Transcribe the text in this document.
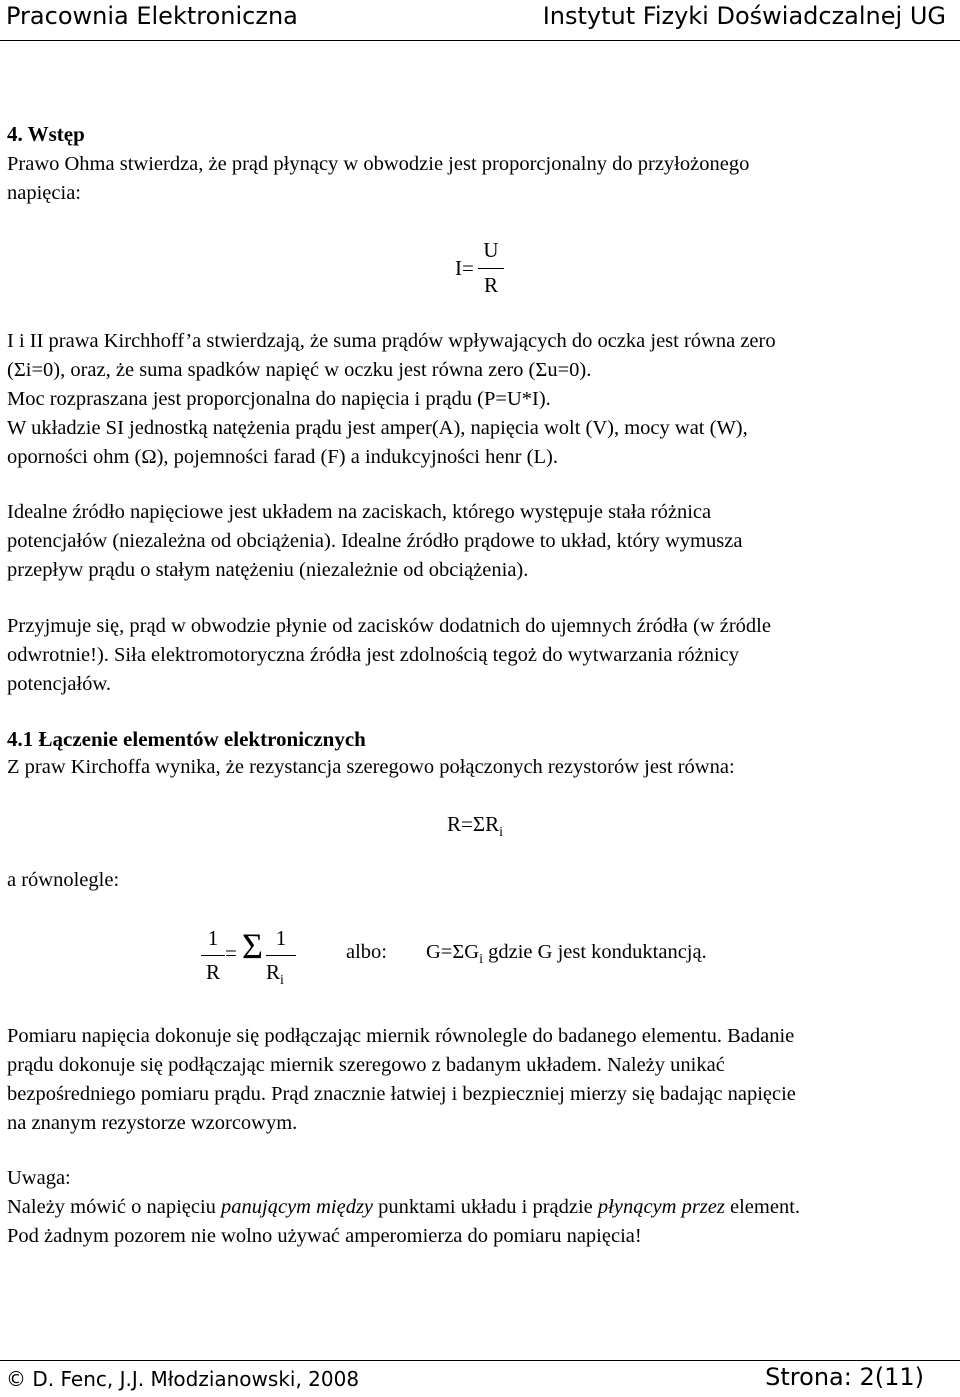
Pracownia Elektroniczna	Instytut Fizyki Doświadczalnej UG
4. Wstęp
Prawo Ohma stwierdza, że prąd płynący w obwodzie jest proporcjonalny do przyłożonego
napięcia:
I=
U
R
I i II prawa Kirchhoff’a stwierdzają, że suma prądów wpływających do oczka jest równa zero
(Σi=0), oraz, że suma spadków napięć w oczku jest równa zero (Σu=0).
Moc rozpraszana jest proporcjonalna do napięcia i prądu (P=U*I).
W układzie SI jednostką natężenia prądu jest amper(A), napięcia wolt (V), mocy wat (W),
oporności ohm (Ω), pojemności farad (F) a indukcyjności henr (L).
Idealne źródło napięciowe jest układem na zaciskach, którego występuje stała różnica
potencjałów (niezależna od obciążenia). Idealne źródło prądowe to układ, który wymusza
przepływ prądu o stałym natężeniu (niezależnie od obciążenia).
Przyjmuje się, prąd w obwodzie płynie od zacisków dodatnich do ujemnych źródła (w źródle
odwrotnie!). Siła elektromotoryczna źródła jest zdolnością tegoż do wytwarzania różnicy
potencjałów.
4.1 Łączenie elementów elektronicznych
Z praw Kirchoffa wynika, że rezystancja szeregowo połączonych rezystorów jest równa:
$R=\Sigma R_i$
a równolegle:
1
R
= Σ 1
$R_i$
albo: $G=\Sigma G_i$ gdzie G jest konduktancją.
Pomiaru napięcia dokonuje się podłączając miernik równolegle do badanego elementu. Badanie
prądu dokonuje się podłączając miernik szeregowo z badanym układem. Należy unikać
bezpośredniego pomiaru prądu. Prąd znacznie łatwiej i bezpieczniej mierzy się badając napięcie
na znanym rezystorze wzorcowym.
Uwaga:
Należy mówić o napięciu panującym między punktami układu i prądzie płynącym przez element.
Pod żadnym pozorem nie wolno używać amperomierza do pomiaru napięcia!
© D. Fenc, J.J. Młodzianowski, 2008	Strona: 2(11)
